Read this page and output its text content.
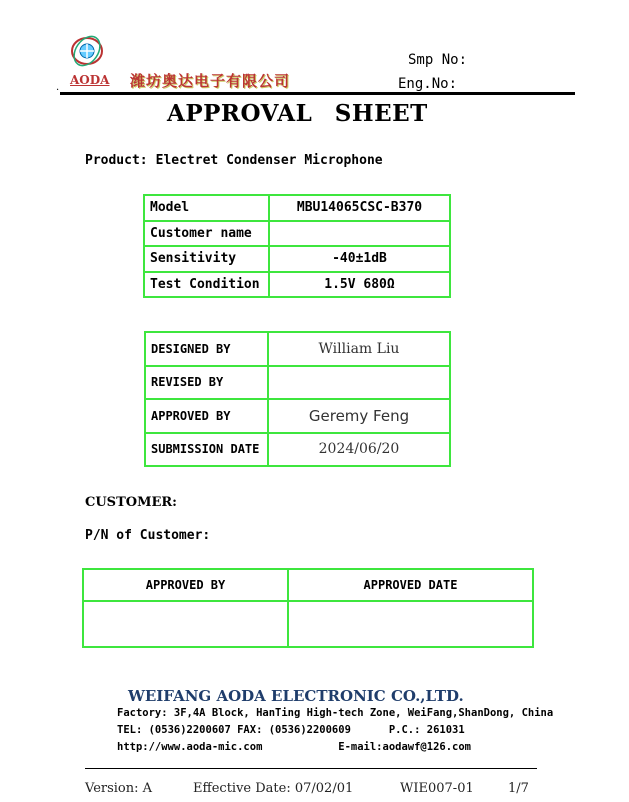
.
AODA 潍坊奥达电子有限公司
Smp No:
Eng.No:
APPROVAL SHEET
Product: Electret Condenser Microphone
Model	MBU14065CSC-B370
Customer name	
Sensitivity	-40±1dB
Test Condition	1.5V 680Ω
DESIGNED BY	William Liu
REVISED BY	
APPROVED BY	Geremy Feng
SUBMISSION DATE	2024/06/20
CUSTOMER:
P/N of Customer:
APPROVED BY	APPROVED DATE

WEIFANG AODA ELECTRONIC CO.,LTD.
Factory: 3F,4A Block, HanTing High-tech Zone, WeiFang,ShanDong, China
TEL: (0536)2200607 FAX: (0536)2200609      P.C.: 261031
http://www.aoda-mic.com            E-mail:aodawf@126.com
Version: A	Effective Date: 07/02/01	WIE007-01	1/7
